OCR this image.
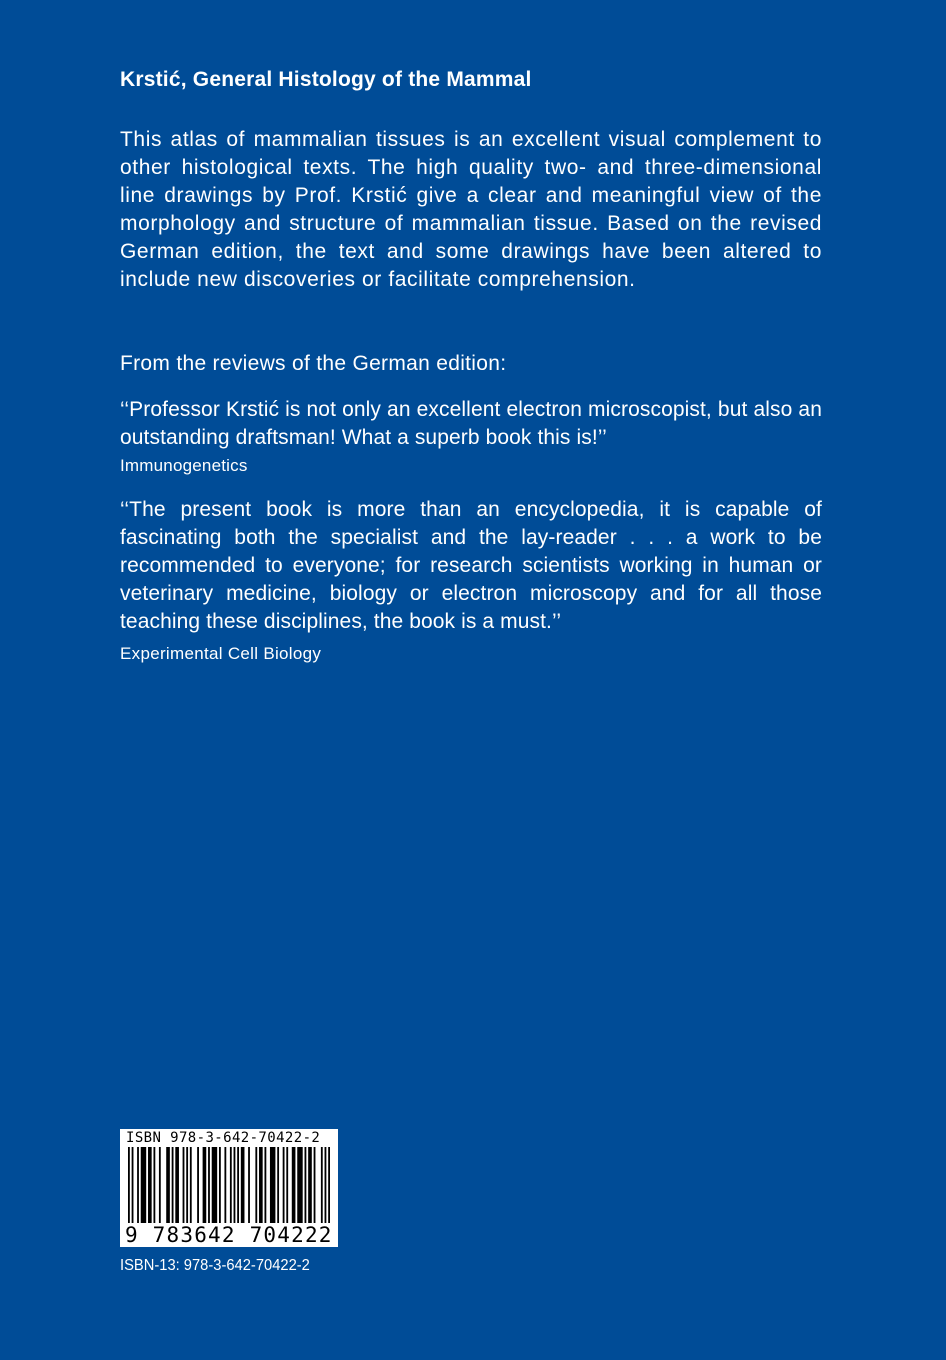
Krstić, General Histology of the Mammal
This atlas of mammalian tissues is an excellent visual complement to other histological texts. The high quality two- and three-dimensional line drawings by Prof. Krstić give a clear and meaningful view of the morphology and structure of mammalian tissue. Based on the revised German edition, the text and some drawings have been altered to include new discoveries or facilitate comprehension.
From the reviews of the German edition:
‘‘Professor Krstić is not only an excellent electron microscopist, but also an outstanding draftsman! What a superb book this is!’’
Immunogenetics
‘‘The present book is more than an encyclopedia, it is capable of fascinating both the specialist and the lay-reader . . . a work to be recommended to everyone; for research scientists working in human or veterinary medicine, biology or electron microscopy and for all those teaching these disciplines, the book is a must.’’
Experimental Cell Biology
ISBN 978-3-642-70422-2
9 783642 704222
ISBN-13: 978-3-642-70422-2
